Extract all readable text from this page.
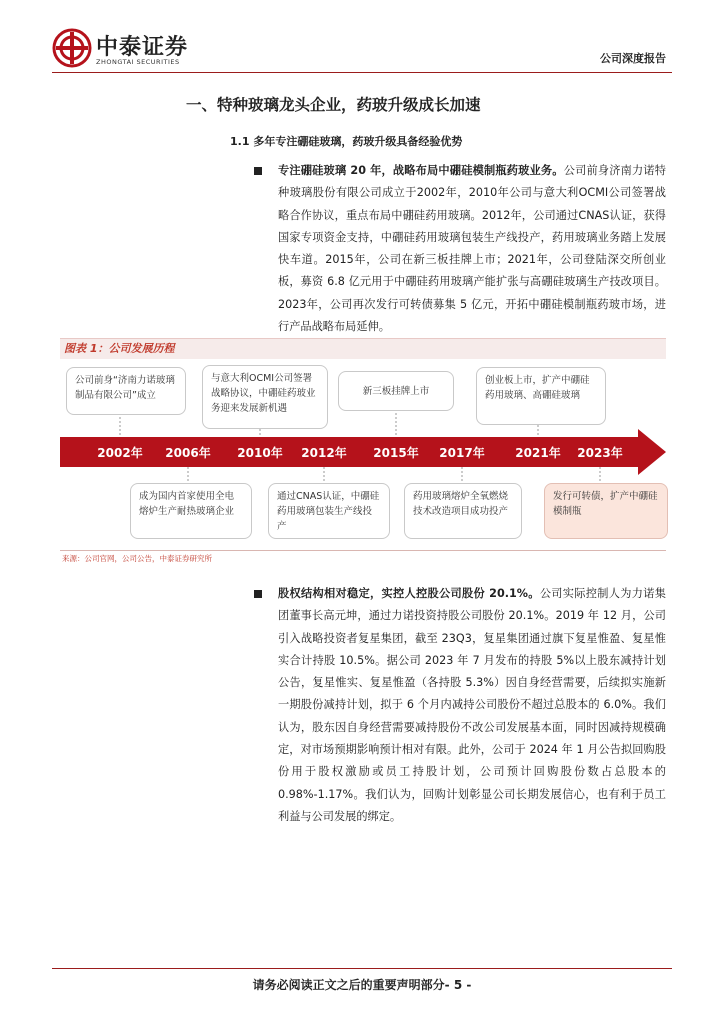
中泰证券
ZHONGTAI SECURITIES	公司深度报告
一、特种玻璃龙头企业，药玻升级成长加速
1.1 多年专注硼硅玻璃，药玻升级具备经验优势
专注硼硅玻璃 20 年，战略布局中硼硅模制瓶药玻业务。公司前身济南力诺特种玻璃股份有限公司成立于2002年，2010年公司与意大利OCMI公司签署战略合作协议，重点布局中硼硅药用玻璃。2012年，公司通过CNAS认证，获得国家专项资金支持，中硼硅药用玻璃包装生产线投产，药用玻璃业务踏上发展快车道。2015年，公司在新三板挂牌上市；2021年，公司登陆深交所创业板，募资 6.8 亿元用于中硼硅药用玻璃产能扩张与高硼硅玻璃生产技改项目。2023年，公司再次发行可转债募集 5 亿元，开拓中硼硅模制瓶药玻市场，进行产品战略布局延伸。
图表 1：公司发展历程
2002年 2006年 2010年 2012年 2015年 2017年	2021年 2023年
公司前身“济南力诺玻璃制品有限公司”成立
与意大利OCMI公司签署战略协议，中硼硅药玻业务迎来发展新机遇
新三板挂牌上市
创业板上市，扩产中硼硅药用玻璃、高硼硅玻璃
成为国内首家使用全电熔炉生产耐热玻璃企业
通过CNAS认证，中硼硅药用玻璃包装生产线投产
药用玻璃熔炉全氧燃烧技术改造项目成功投产
发行可转债，扩产中硼硅模制瓶
来源：公司官网，公司公告，中泰证券研究所
股权结构相对稳定，实控人控股公司股份 20.1%。公司实际控制人为力诺集团董事长高元坤，通过力诺投资持股公司股份 20.1%。2019 年 12 月，公司引入战略投资者复星集团，截至 23Q3，复星集团通过旗下复星惟盈、复星惟实合计持股 10.5%。据公司 2023 年 7 月发布的持股 5%以上股东减持计划公告，复星惟实、复星惟盈（各持股 5.3%）因自身经营需要，后续拟实施新一期股份减持计划，拟于 6 个月内减持公司股份不超过总股本的 6.0%。我们认为，股东因自身经营需要减持股份不改公司发展基本面，同时因减持规模确定，对市场预期影响预计相对有限。此外，公司于 2024 年 1 月公告拟回购股份用于股权激励或员工持股计划，公司预计回购股份数占总股本的 0.98%-1.17%。我们认为，回购计划彰显公司长期发展信心，也有利于员工利益与公司发展的绑定。
请务必阅读正文之后的重要声明部分- 5 -
